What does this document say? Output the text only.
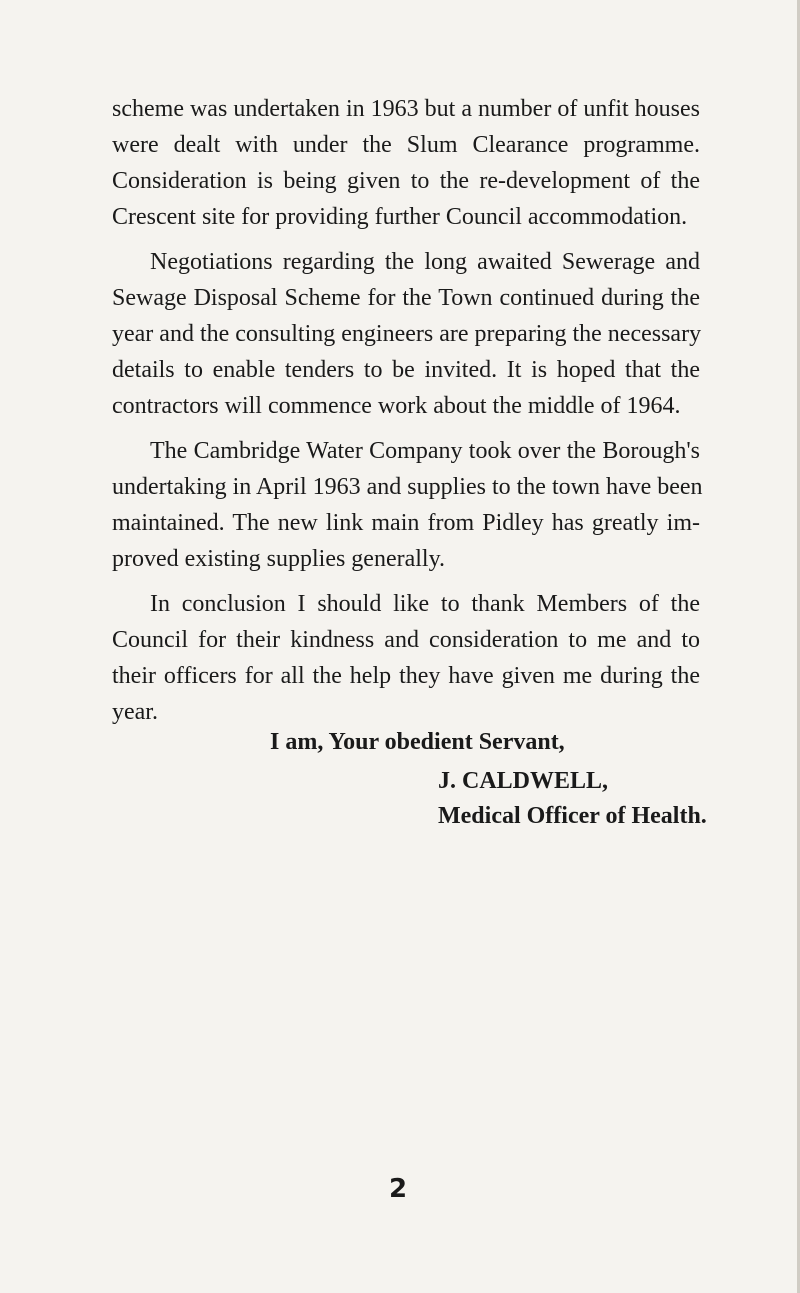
scheme was undertaken in 1963 but a number of unfit houses
were dealt with under the Slum Clearance programme.
Consideration is being given to the re-development of the
Crescent site for providing further Council accommodation.
Negotiations regarding the long awaited Sewerage and
Sewage Disposal Scheme for the Town continued during the
year and the consulting engineers are preparing the necessary
details to enable tenders to be invited. It is hoped that the
contractors will commence work about the middle of 1964.
The Cambridge Water Company took over the Borough's
undertaking in April 1963 and supplies to the town have been
maintained. The new link main from Pidley has greatly im-
proved existing supplies generally.
In conclusion I should like to thank Members of the
Council for their kindness and consideration to me and to
their officers for all the help they have given me during the
year.
I am, Your obedient Servant,
J. CALDWELL,
Medical Officer of Health.
2
